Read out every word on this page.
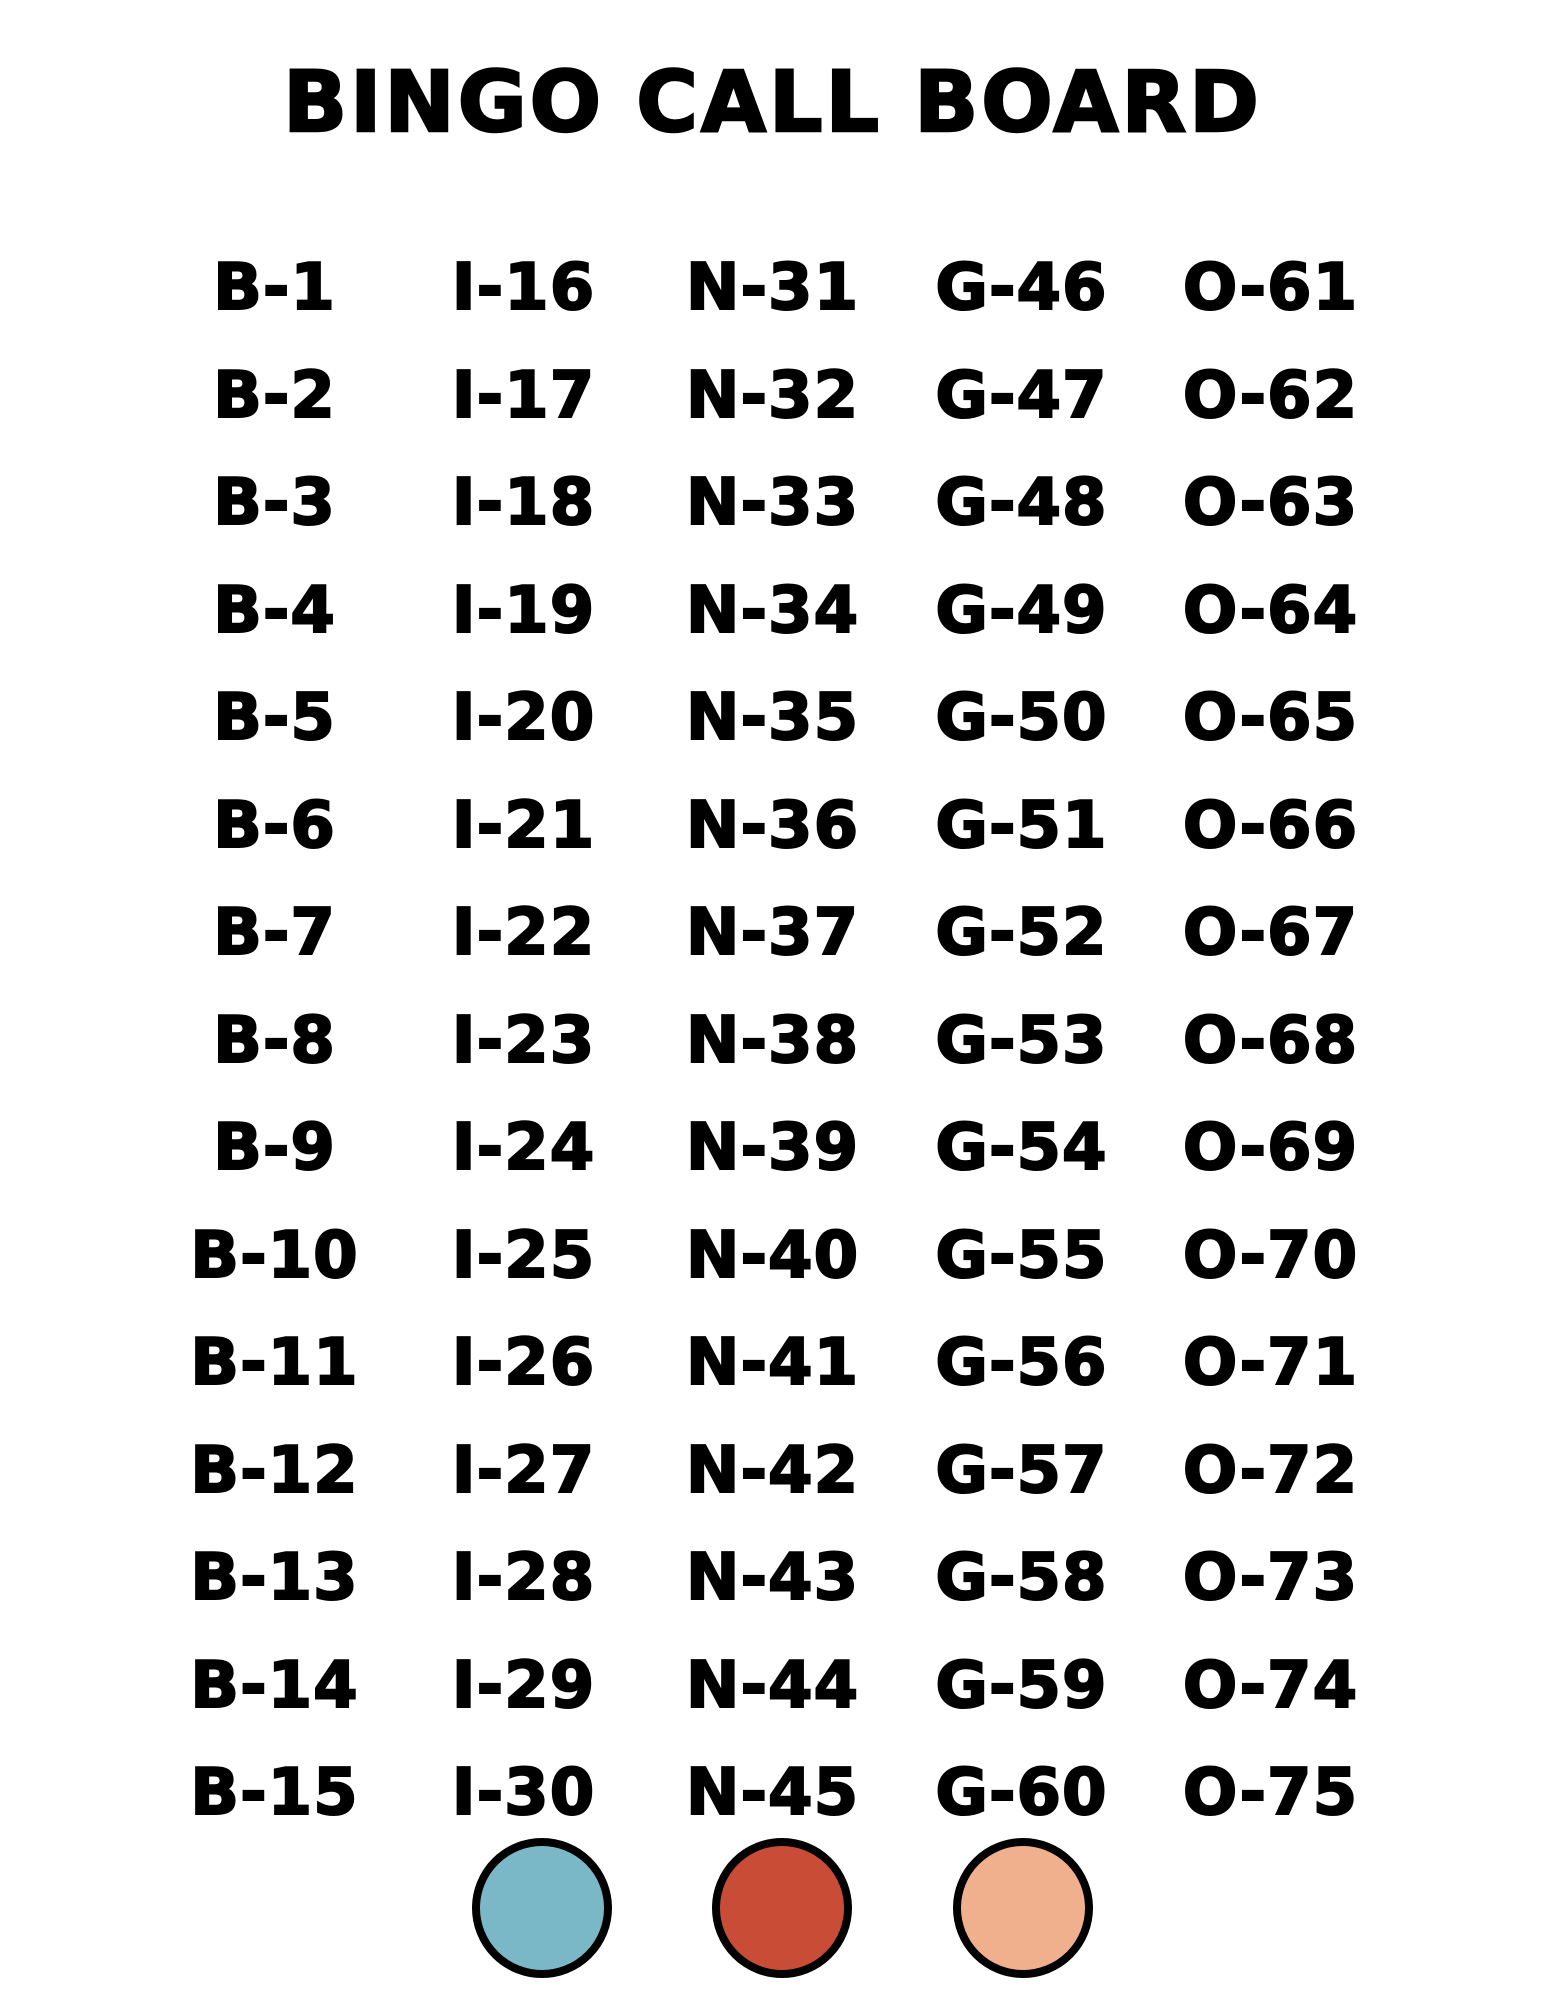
BINGO CALL BOARD
B-1
B-2
B-3
B-4
B-5
B-6
B-7
B-8
B-9
B-10
B-11
B-12
B-13
B-14
B-15
I-16
I-17
I-18
I-19
I-20
I-21
I-22
I-23
I-24
I-25
I-26
I-27
I-28
I-29
I-30
N-31
N-32
N-33
N-34
N-35
N-36
N-37
N-38
N-39
N-40
N-41
N-42
N-43
N-44
N-45
G-46
G-47
G-48
G-49
G-50
G-51
G-52
G-53
G-54
G-55
G-56
G-57
G-58
G-59
G-60
O-61
O-62
O-63
O-64
O-65
O-66
O-67
O-68
O-69
O-70
O-71
O-72
O-73
O-74
O-75
